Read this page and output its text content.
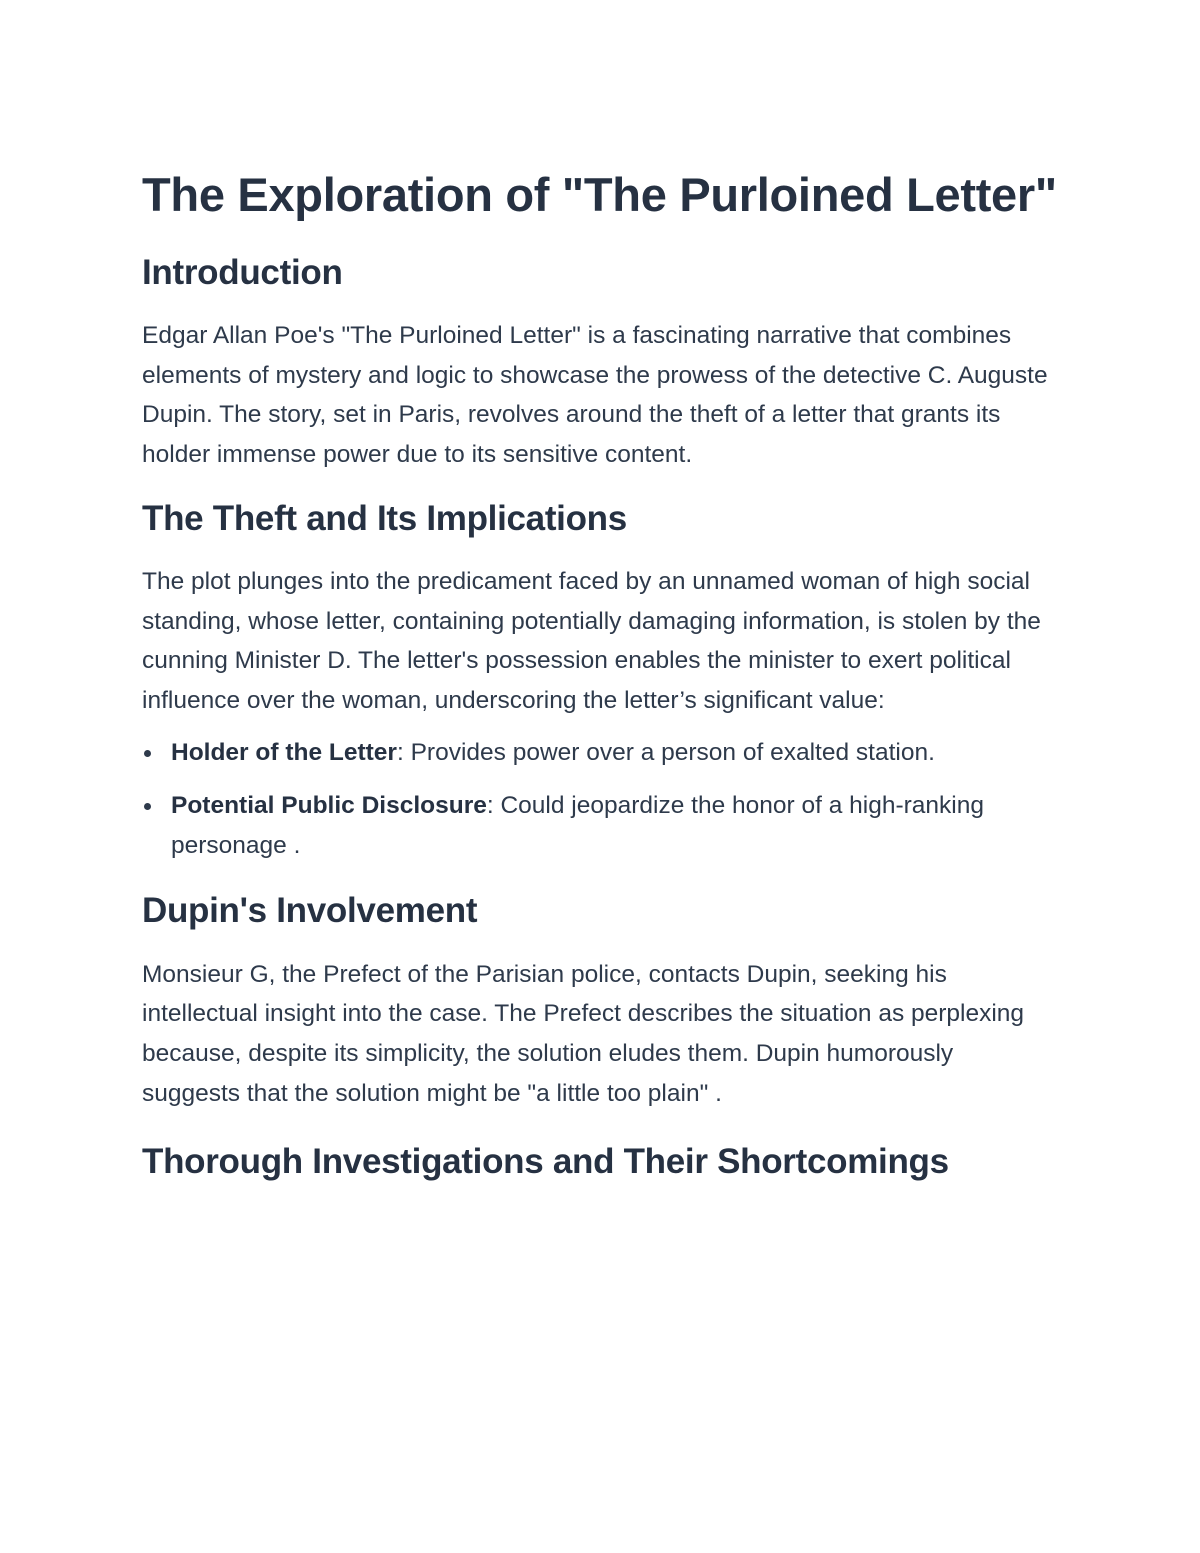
The Exploration of "The Purloined Letter"
Introduction

Edgar Allan Poe's "The Purloined Letter" is a fascinating narrative that combines elements of mystery and logic to showcase the prowess of the detective C. Auguste Dupin. The story, set in Paris, revolves around the theft of a letter that grants its holder immense power due to its sensitive content.

The Theft and Its Implications

The plot plunges into the predicament faced by an unnamed woman of high social standing, whose letter, containing potentially damaging information, is stolen by the cunning Minister D. The letter's possession enables the minister to exert political influence over the woman, underscoring the letter’s significant value:

Holder of the Letter: Provides power over a person of exalted station.
Potential Public Disclosure: Could jeopardize the honor of a high-ranking personage .
Dupin's Involvement

Monsieur G, the Prefect of the Parisian police, contacts Dupin, seeking his intellectual insight into the case. The Prefect describes the situation as perplexing because, despite its simplicity, the solution eludes them. Dupin humorously suggests that the solution might be "a little too plain" .

Thorough Investigations and Their Shortcomings
